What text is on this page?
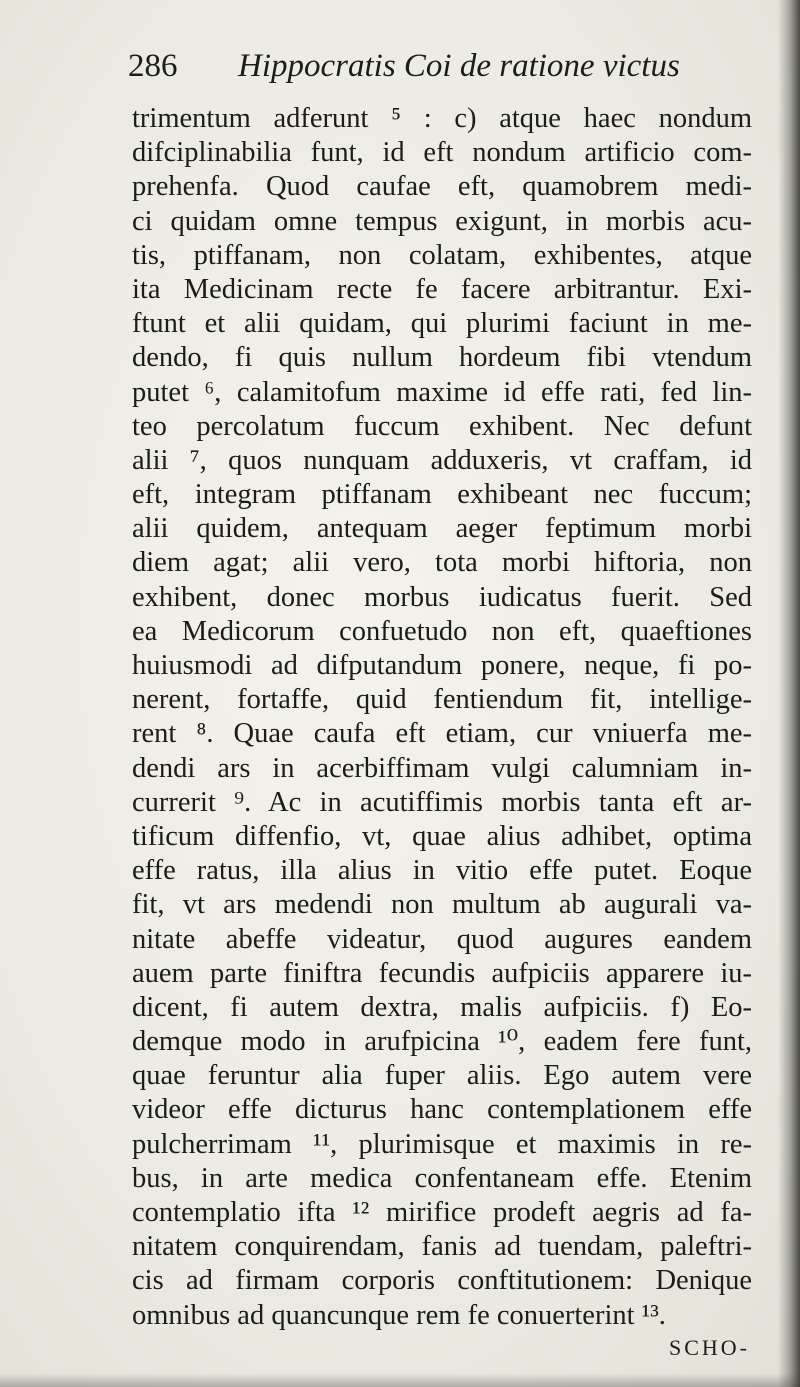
286 Hippocratis Coi de ratione victus
trimentum adferunt ⁵ : c) atque haec nondum
difciplinabilia funt, id eft nondum artificio com-
prehenfa. Quod caufae eft, quamobrem medi-
ci quidam omne tempus exigunt, in morbis acu-
tis, ptiffanam, non colatam, exhibentes, atque
ita Medicinam recte fe facere arbitrantur. Exi-
ftunt et alii quidam, qui plurimi faciunt in me-
dendo, fi quis nullum hordeum fibi vtendum
putet ⁶, calamitofum maxime id effe rati, fed lin-
teo percolatum fuccum exhibent. Nec defunt
alii ⁷, quos nunquam adduxeris, vt craffam, id
eft, integram ptiffanam exhibeant nec fuccum;
alii quidem, antequam aeger feptimum morbi
diem agat; alii vero, tota morbi hiftoria, non
exhibent, donec morbus iudicatus fuerit. Sed
ea Medicorum confuetudo non eft, quaeftiones
huiusmodi ad difputandum ponere, neque, fi po-
nerent, fortaffe, quid fentiendum fit, intellige-
rent ⁸. Quae caufa eft etiam, cur vniuerfa me-
dendi ars in acerbiffimam vulgi calumniam in-
currerit ⁹. Ac in acutiffimis morbis tanta eft ar-
tificum diffenfio, vt, quae alius adhibet, optima
effe ratus, illa alius in vitio effe putet. Eoque
fit, vt ars medendi non multum ab augurali va-
nitate abeffe videatur, quod augures eandem
auem parte finiftra fecundis aufpiciis apparere iu-
dicent, fi autem dextra, malis aufpiciis. f) Eo-
demque modo in arufpicina ¹⁰, eadem fere funt,
quae feruntur alia fuper aliis. Ego autem vere
videor effe dicturus hanc contemplationem effe
pulcherrimam ¹¹, plurimisque et maximis in re-
bus, in arte medica confentaneam effe. Etenim
contemplatio ifta ¹² mirifice prodeft aegris ad fa-
nitatem conquirendam, fanis ad tuendam, paleftri-
cis ad firmam corporis conftitutionem: Denique
omnibus ad quancunque rem fe conuerterint ¹³.
SCHO-
